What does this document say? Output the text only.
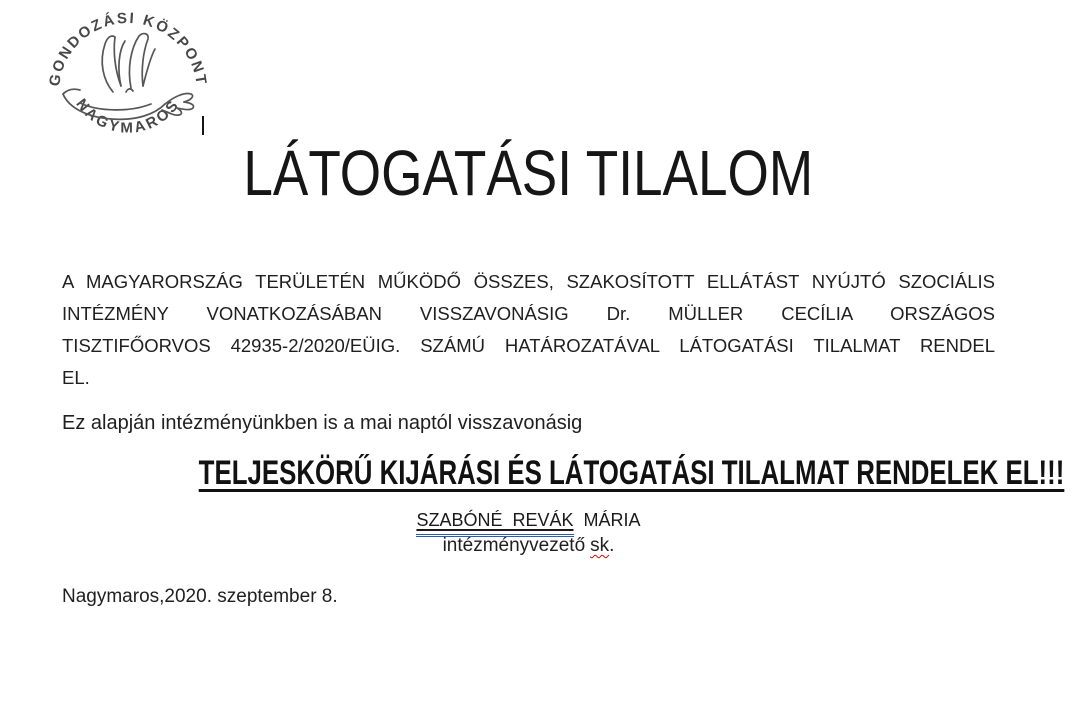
GONDOZÁSI KÖZPONT
NAGYMAROS
LÁTOGATÁSI TILALOM
A MAGYARORSZÁG TERÜLETÉN MŰKÖDŐ ÖSSZES, SZAKOSÍTOTT ELLÁTÁST NYÚJTÓ SZOCIÁLIS
INTÉZMÉNY VONATKOZÁSÁBAN VISSZAVONÁSIG Dr. MÜLLER CECÍLIA ORSZÁGOS
TISZTIFŐORVOS 42935-2/2020/EÜIG. SZÁMÚ HATÁROZATÁVAL LÁTOGATÁSI TILALMAT RENDEL
EL.

Ez alapján intézményünkben is a mai naptól visszavonásig

TELJESKÖRŰ KIJÁRÁSI ÉS LÁTOGATÁSI TILALMAT RENDELEK EL!!!
SZABÓNÉ REVÁK MÁRIA
intézményvezető sk.

Nagymaros,2020. szeptember 8.
